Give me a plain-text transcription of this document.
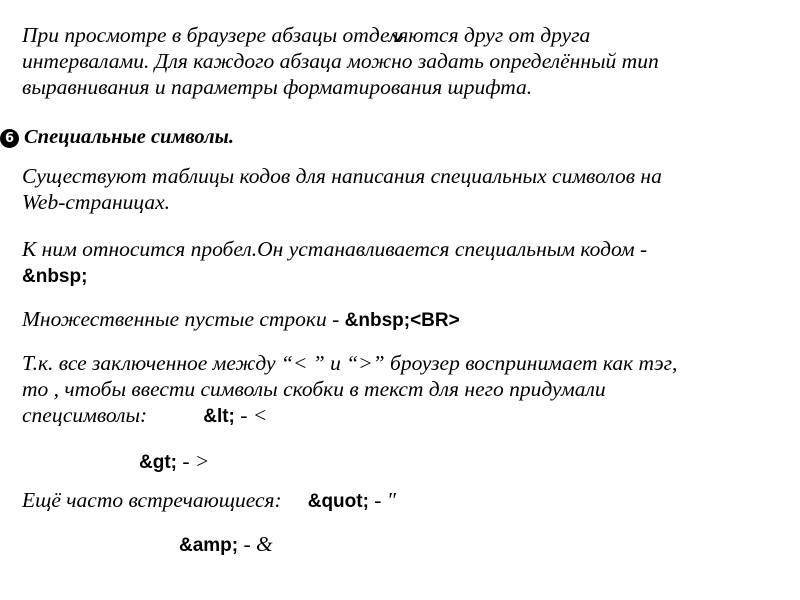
При просмотре в браузере абзацы отделяются друг от друга
интервалами. Для каждого абзаца можно задать определённый тип
выравнивания и параметры форматирования шрифта.
6 Специальные символы.
Существуют таблицы кодов для написания специальных символов на
Web-страницах.
К ним относится пробел.Он устанавливается специальным кодом -
&nbsp;
Множественные пустые строки - &nbsp;<BR>
Т.к. все заключенное между “< ” и “>” броузер воспринимает как тэг,
то , чтобы ввести символы скобки в текст для него придумали
спецсимволы:	&lt; - <
&gt; - >
Ещё часто встречающиеся: &quot; - "
&amp; - &
